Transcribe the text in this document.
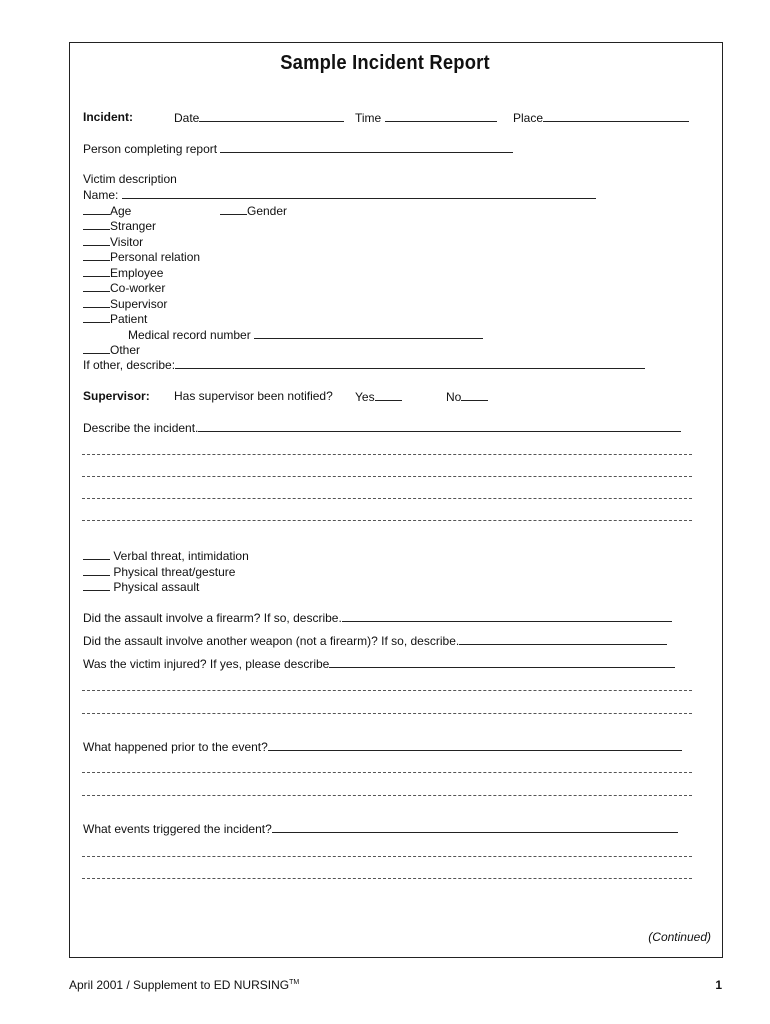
Sample Incident Report
Incident:	Date	Time	Place
Person completing report
Victim description
Name:
Age	Gender
Stranger
Visitor
Personal relation
Employee
Co-worker
Supervisor
Patient
Medical record number
Other
If other, describe:
Supervisor: Has supervisor been notified? Yes	No
Describe the incident.
Verbal threat, intimidation
Physical threat/gesture
Physical assault
Did the assault involve a firearm? If so, describe.
Did the assault involve another weapon (not a firearm)? If so, describe.
Was the victim injured? If yes, please describe
What happened prior to the event?
What events triggered the incident?
(Continued)
April 2001 / Supplement to ED NURSING™	1
